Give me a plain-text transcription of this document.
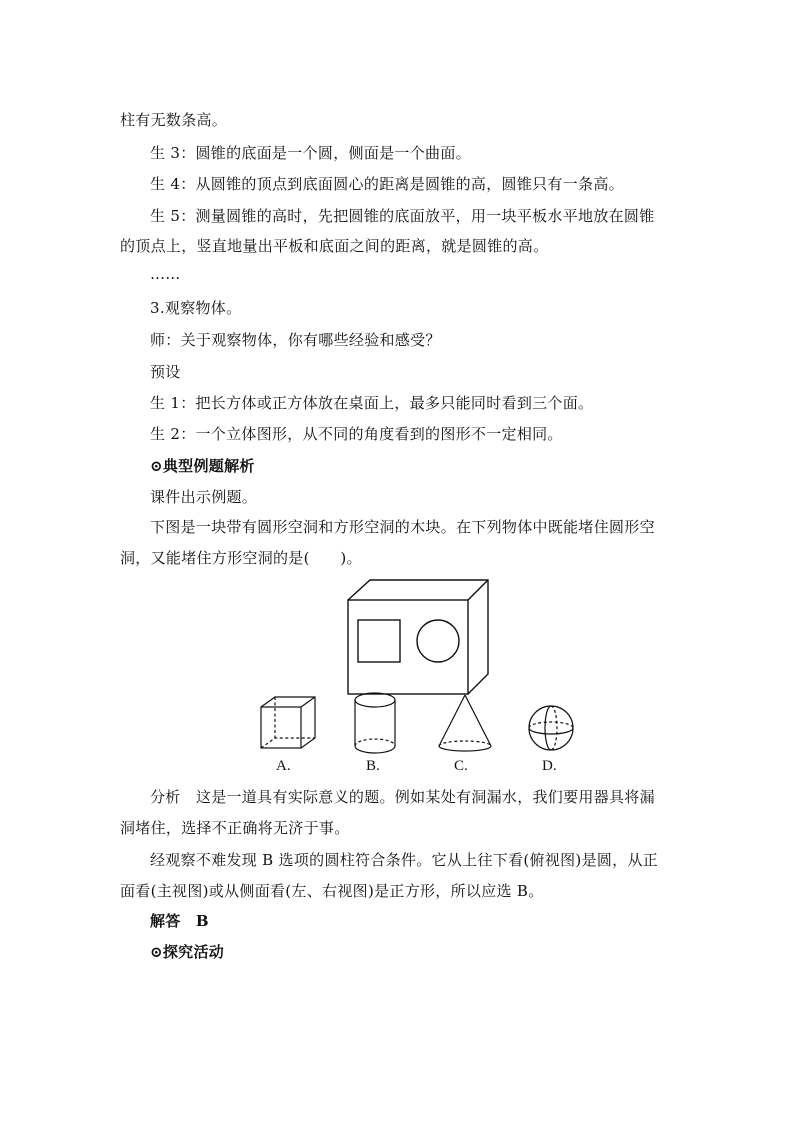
柱有无数条高。
生 3：圆锥的底面是一个圆，侧面是一个曲面。
生 4：从圆锥的顶点到底面圆心的距离是圆锥的高，圆锥只有一条高。
生 5：测量圆锥的高时，先把圆锥的底面放平，用一块平板水平地放在圆锥
的顶点上，竖直地量出平板和底面之间的距离，就是圆锥的高。
……
3.观察物体。
师：关于观察物体，你有哪些经验和感受？
预设
生 1：把长方体或正方体放在桌面上，最多只能同时看到三个面。
生 2：一个立体图形，从不同的角度看到的图形不一定相同。
⊙典型例题解析
课件出示例题。
下图是一块带有圆形空洞和方形空洞的木块。在下列物体中既能堵住圆形空
洞，又能堵住方形空洞的是(　　)。
A.	B.	C.	D.
分析　这是一道具有实际意义的题。例如某处有洞漏水，我们要用器具将漏
洞堵住，选择不正确将无济于事。
经观察不难发现 B 选项的圆柱符合条件。它从上往下看(俯视图)是圆，从正
面看(主视图)或从侧面看(左、右视图)是正方形，所以应选 B。
解答　B
⊙探究活动
